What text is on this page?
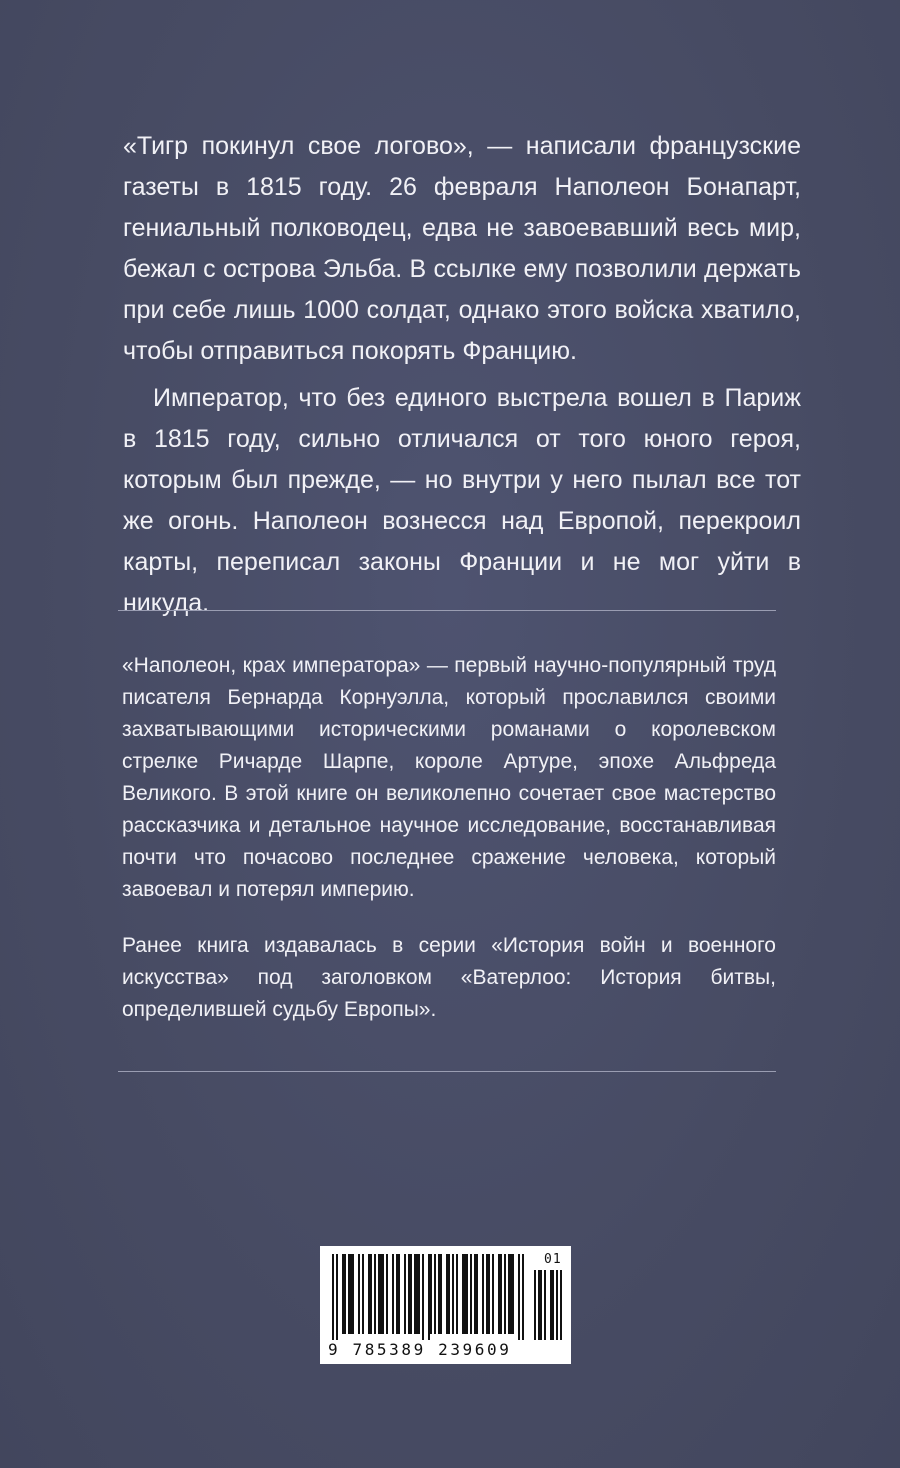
«Тигр покинул свое логово», — написали французские газеты в 1815 году. 26 февраля Наполеон Бонапарт, гениальный полководец, едва не завоевавший весь мир, бежал с острова Эльба. В ссылке ему позволили держать при себе лишь 1000 солдат, однако этого войска хватило, чтобы отправиться покорять Францию.

Император, что без единого выстрела вошел в Париж в 1815 году, сильно отличался от того юного героя, которым был прежде, — но внутри у него пылал все тот же огонь. Наполеон вознесся над Европой, перекроил карты, переписал законы Франции и не мог уйти в никуда.

«Наполеон, крах императора» — первый научно-популярный труд писателя Бернарда Корнуэлла, который прославился своими захватывающими историческими романами о королевском стрелке Ричарде Шарпе, короле Артуре, эпохе Альфреда Великого. В этой книге он великолепно сочетает свое мастерство рассказчика и детальное научное исследование, восстанавливая почти что почасово последнее сражение человека, который завоевал и потерял империю.

Ранее книга издавалась в серии «История войн и военного искусства» под заголовком «Ватерлоо: История битвы, определившей судьбу Европы».

9 785389 239609
01
